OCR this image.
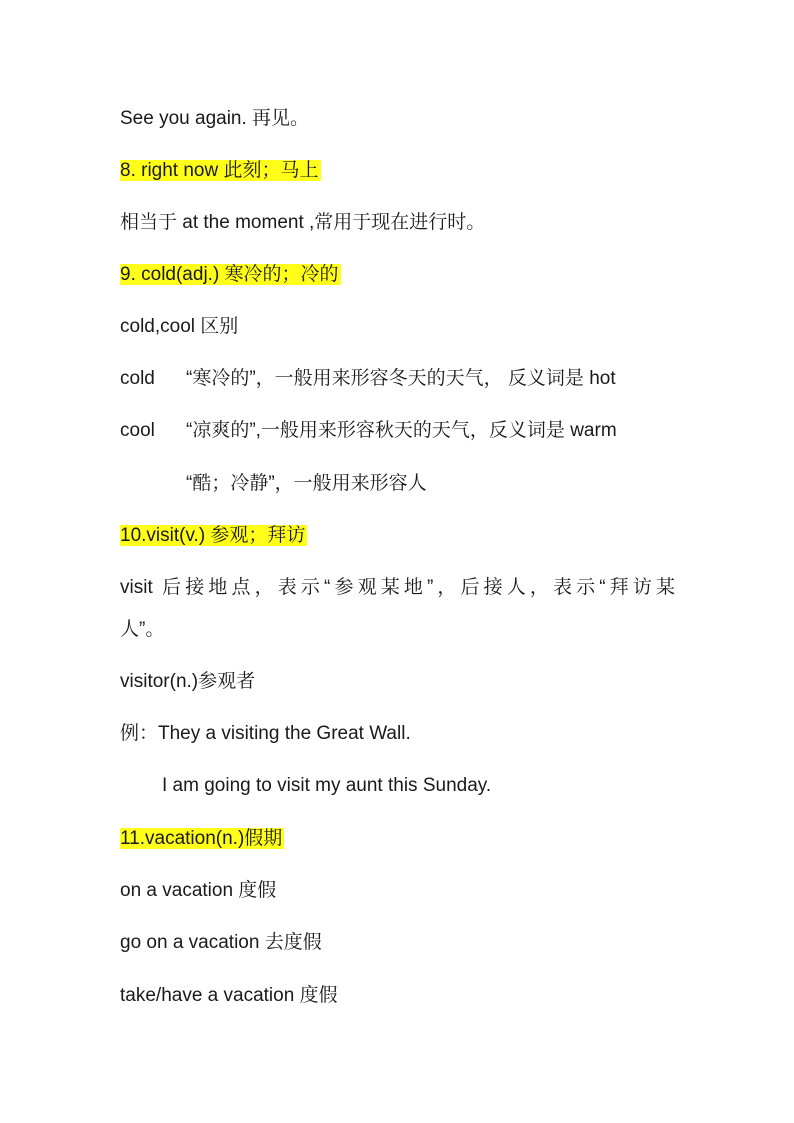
See you again. 再见。
8. right now 此刻；马上
相当于 at the moment ,常用于现在进行时。
9. cold(adj.) 寒冷的；冷的
cold,cool 区别
cold “寒冷的”，一般用来形容冬天的天气， 反义词是 hot
cool “凉爽的”,一般用来形容秋天的天气，反义词是 warm
“酷；冷静”，一般用来形容人
10.visit(v.) 参观；拜访
visit 后接地点，表示“参观某地”，后接人，表示“拜访某
人”。
visitor(n.)参观者
例：They a visiting the Great Wall.
I am going to visit my aunt this Sunday.
11.vacation(n.)假期
on a vacation 度假
go on a vacation 去度假
take/have a vacation 度假
